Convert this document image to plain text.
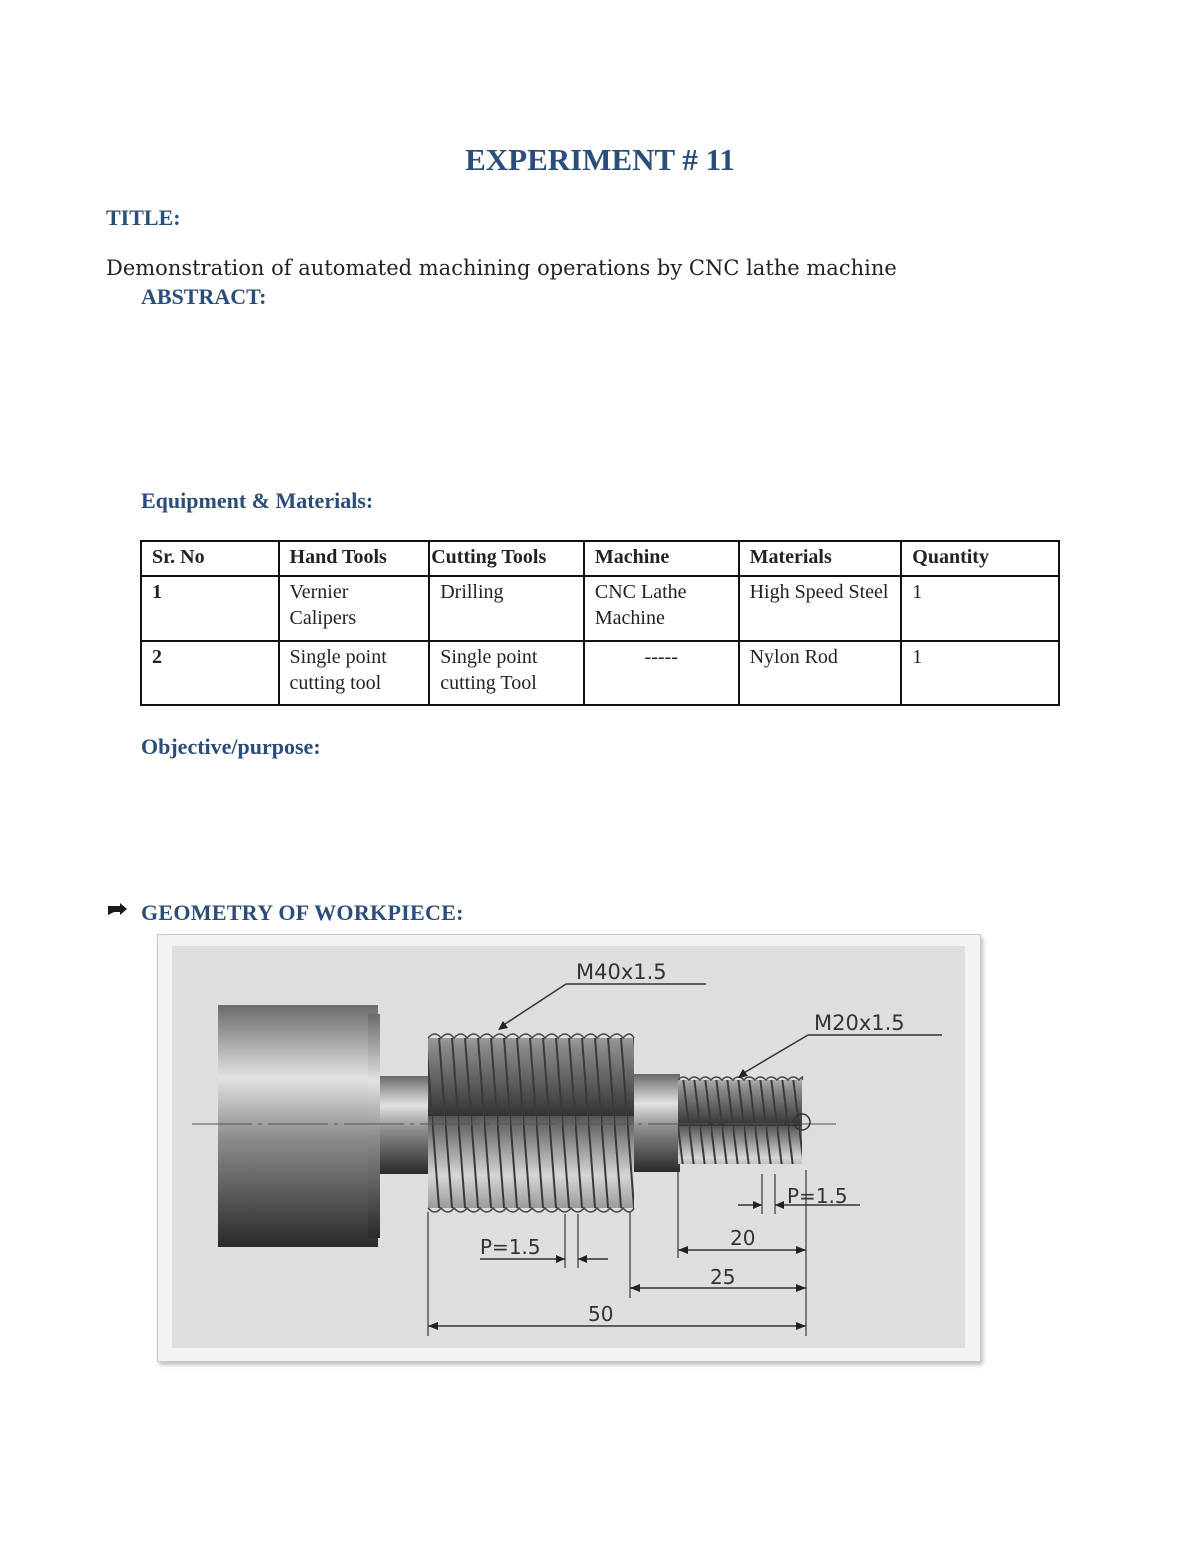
EXPERIMENT # 11
TITLE:
Demonstration of automated machining operations by CNC lathe machine
ABSTRACT:
Equipment & Materials:
Sr. No	Hand Tools	Cutting Tools	Machine	Materials	Quantity
1	Vernier Calipers	Drilling	CNC Lathe Machine	High Speed Steel	1
2	Single point cutting tool	Single point cutting Tool	-----	Nylon Rod	1
Objective/purpose:
GEOMETRY OF WORKPIECE:
M40x1.5
M20x1.5
P=1.5
P=1.5	20
25
50
